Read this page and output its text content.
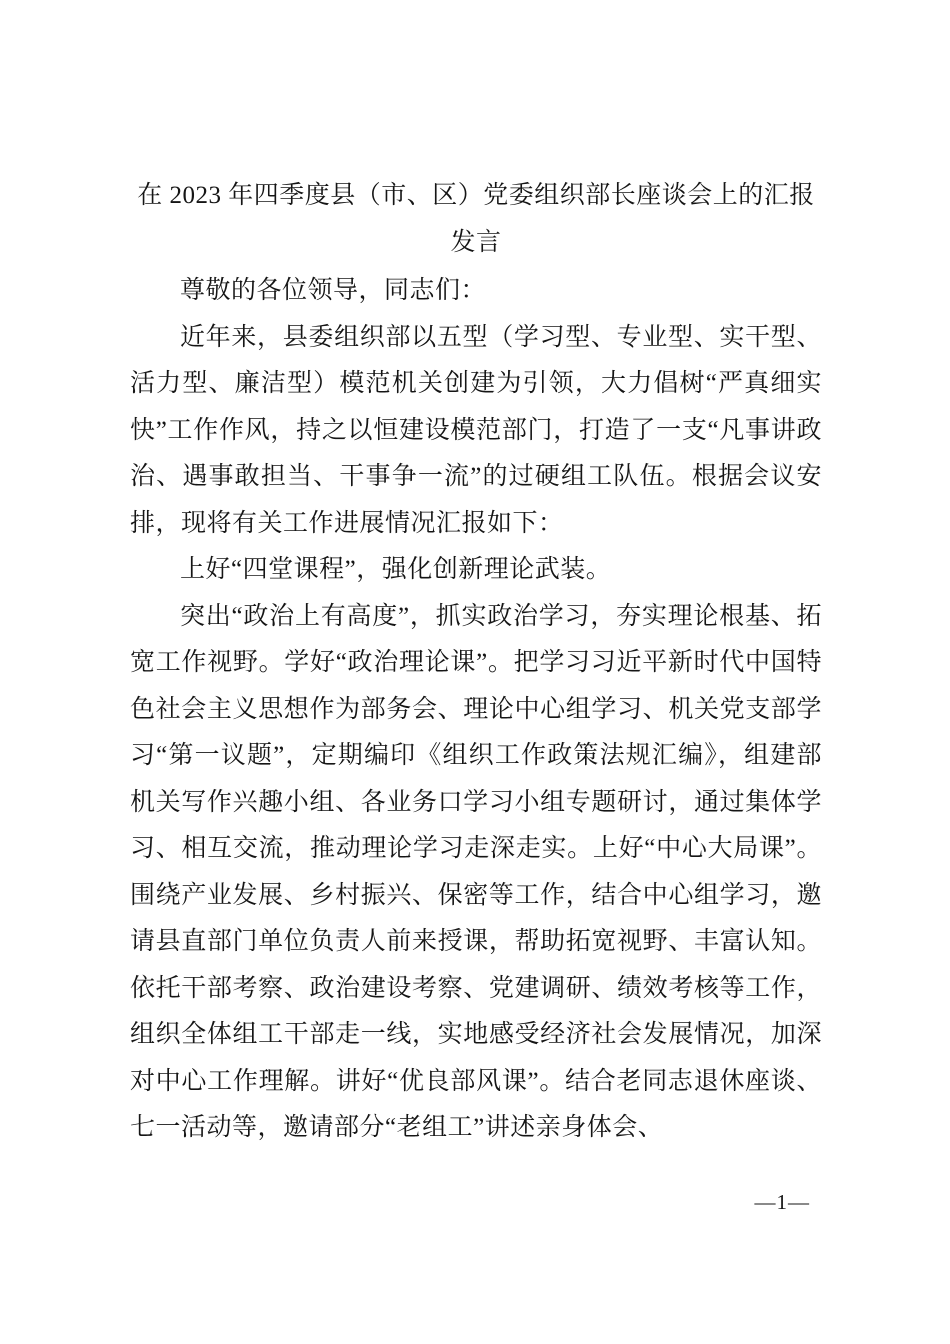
在 2023 年四季度县（市、区）党委组织部长座谈会上的汇报发言

尊敬的各位领导，同志们：

近年来，县委组织部以五型（学习型、专业型、实干型、活力型、廉洁型）模范机关创建为引领，大力倡树“严真细实快”工作作风，持之以恒建设模范部门，打造了一支“凡事讲政治、遇事敢担当、干事争一流”的过硬组工队伍。根据会议安排，现将有关工作进展情况汇报如下：

上好“四堂课程”，强化创新理论武装。

突出“政治上有高度”，抓实政治学习，夯实理论根基、拓宽工作视野。学好“政治理论课”。把学习习近平新时代中国特色社会主义思想作为部务会、理论中心组学习、机关党支部学习“第一议题”，定期编印《组织工作政策法规汇编》，组建部机关写作兴趣小组、各业务口学习小组专题研讨，通过集体学习、相互交流，推动理论学习走深走实。上好“中心大局课”。围绕产业发展、乡村振兴、保密等工作，结合中心组学习，邀请县直部门单位负责人前来授课，帮助拓宽视野、丰富认知。依托干部考察、政治建设考察、党建调研、绩效考核等工作，组织全体组工干部走一线，实地感受经济社会发展情况，加深对中心工作理解。讲好“优良部风课”。结合老同志退休座谈、七一活动等，邀请部分“老组工”讲述亲身体会、

—1—
